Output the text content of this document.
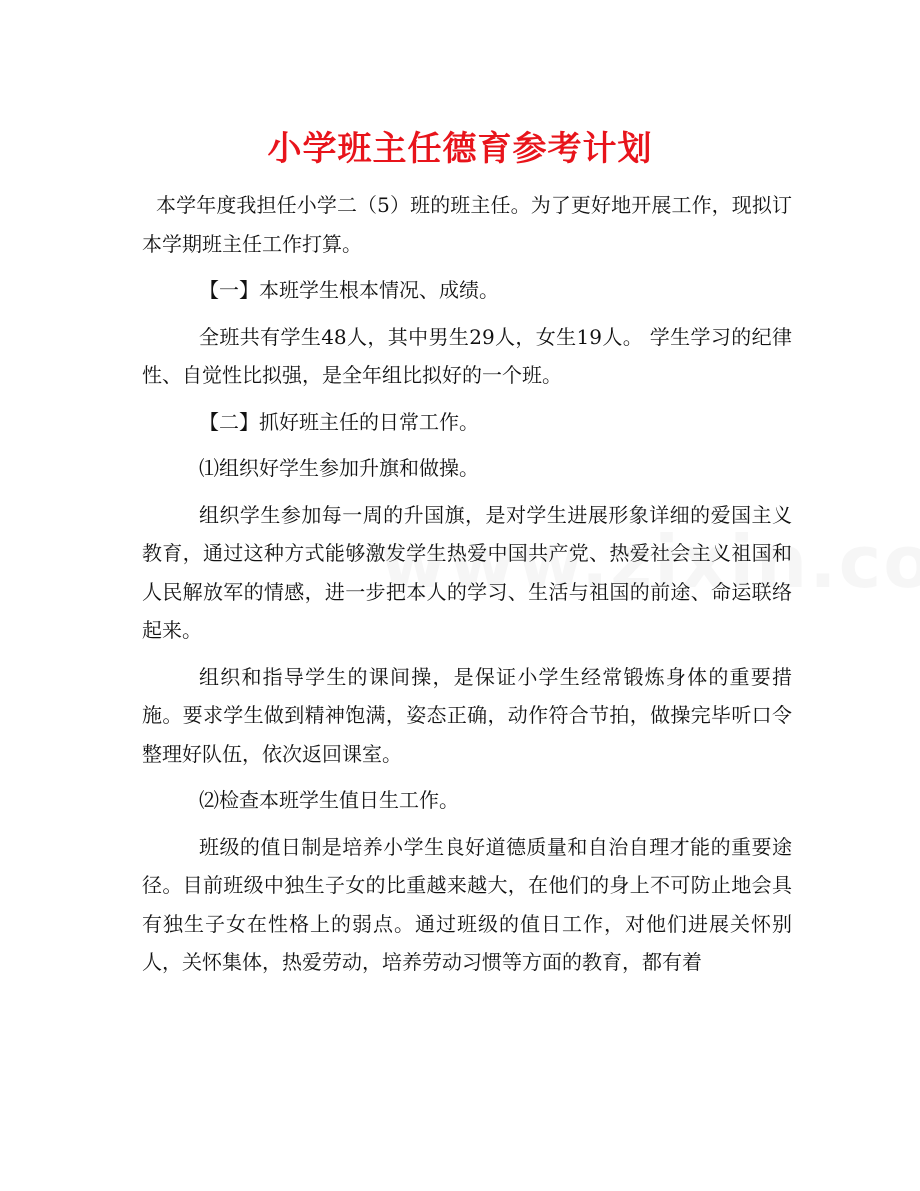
小学班主任德育参考计划

本学年度我担任小学二（5）班的班主任。为了更好地开展工作，现拟订本学期班主任工作打算。

【一】本班学生根本情况、成绩。

全班共有学生48人，其中男生29人，女生19人。 学生学习的纪律性、自觉性比拟强，是全年组比拟好的一个班。

【二】抓好班主任的日常工作。

⑴组织好学生参加升旗和做操。

组织学生参加每一周的升国旗，是对学生进展形象详细的爱国主义教育，通过这种方式能够激发学生热爱中国共产党、热爱社会主义祖国和人民解放军的情感，进一步把本人的学习、生活与祖国的前途、命运联络起来。

组织和指导学生的课间操，是保证小学生经常锻炼身体的重要措施。要求学生做到精神饱满，姿态正确，动作符合节拍，做操完毕听口令整理好队伍，依次返回课室。

⑵检查本班学生值日生工作。

班级的值日制是培养小学生良好道德质量和自治自理才能的重要途径。目前班级中独生子女的比重越来越大，在他们的身上不可防止地会具有独生子女在性格上的弱点。通过班级的值日工作，对他们进展关怀别人，关怀集体，热爱劳动，培养劳动习惯等方面的教育，都有着
